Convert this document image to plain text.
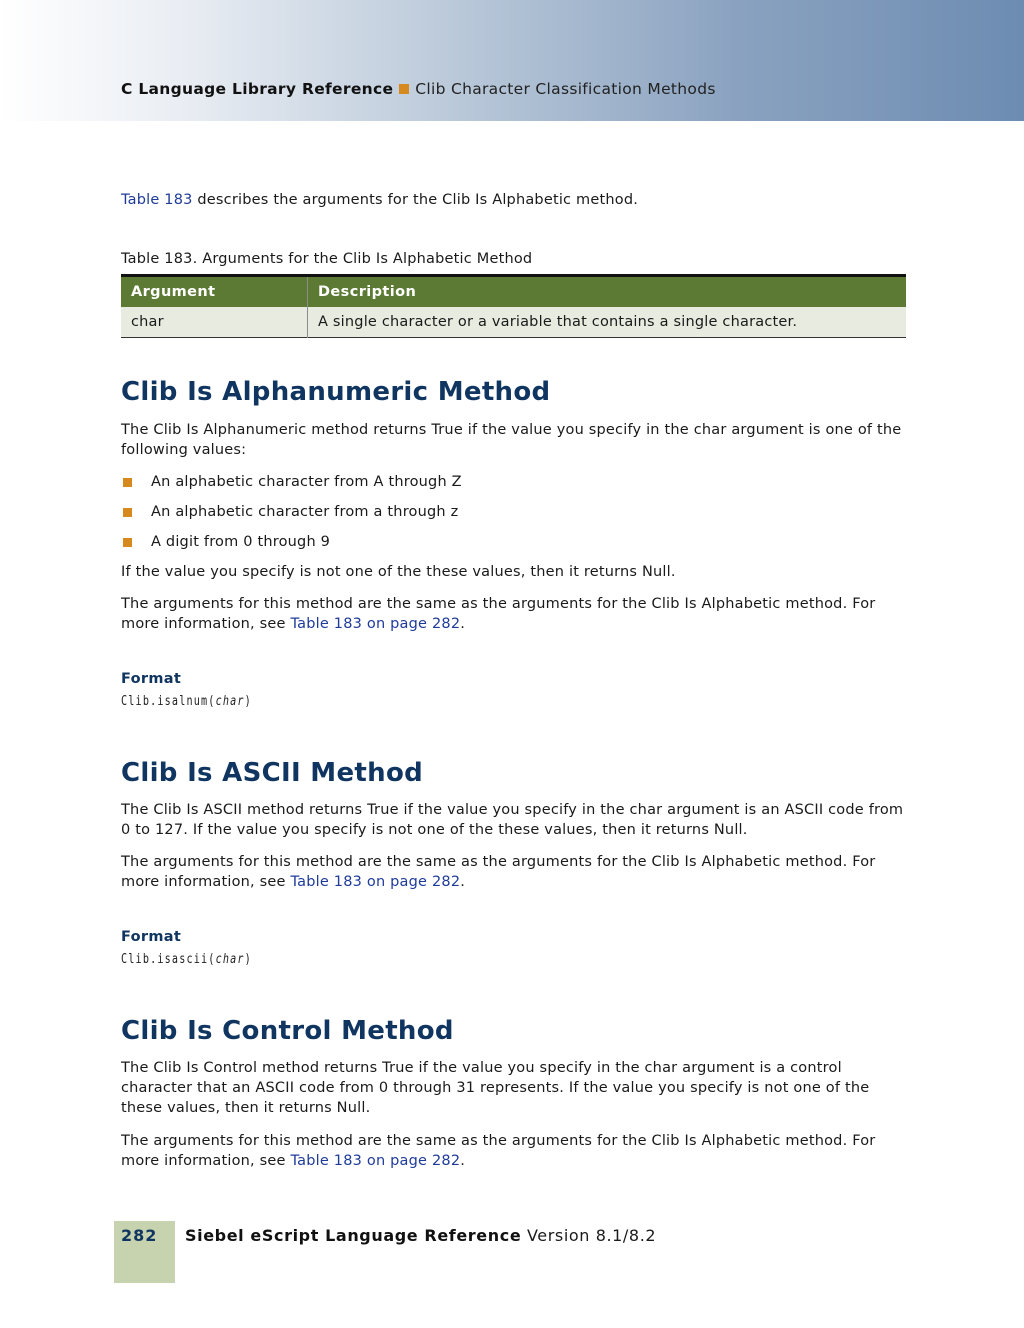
C Language Library Reference Clib Character Classification Methods

Table 183 describes the arguments for the Clib Is Alphabetic method.

Table 183. Arguments for the Clib Is Alphabetic Method

Argument	Description
char	A single character or a variable that contains a single character.
Clib Is Alphanumeric Method

The Clib Is Alphanumeric method returns True if the value you specify in the char argument is one of the following values:

An alphabetic character from A through Z
An alphabetic character from a through z
A digit from 0 through 9

If the value you specify is not one of the these values, then it returns Null.

The arguments for this method are the same as the arguments for the Clib Is Alphabetic method. For more information, see Table 183 on page 282.

Format
Clib.isalnum(char)
Clib Is ASCII Method

The Clib Is ASCII method returns True if the value you specify in the char argument is an ASCII code from 0 to 127. If the value you specify is not one of the these values, then it returns Null.

The arguments for this method are the same as the arguments for the Clib Is Alphabetic method. For more information, see Table 183 on page 282.

Format
Clib.isascii(char)
Clib Is Control Method

The Clib Is Control method returns True if the value you specify in the char argument is a control character that an ASCII code from 0 through 31 represents. If the value you specify is not one of the these values, then it returns Null.

The arguments for this method are the same as the arguments for the Clib Is Alphabetic method. For more information, see Table 183 on page 282.

282 Siebel eScript Language Reference Version 8.1/8.2
